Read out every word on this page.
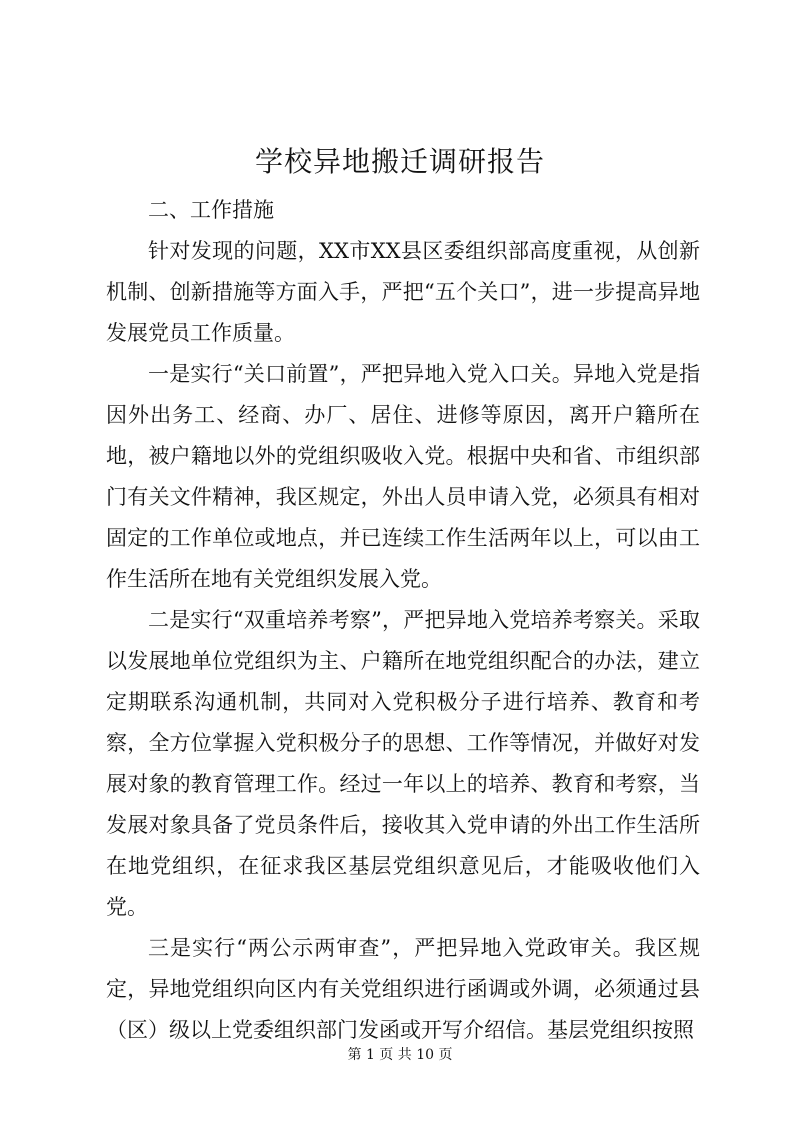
学校异地搬迁调研报告

二、工作措施

针对发现的问题，XX市XX县区委组织部高度重视，从创新机制、创新措施等方面入手，严把“五个关口”，进一步提高异地发展党员工作质量。

一是实行“关口前置”，严把异地入党入口关。异地入党是指因外出务工、经商、办厂、居住、进修等原因，离开户籍所在地，被户籍地以外的党组织吸收入党。根据中央和省、市组织部门有关文件精神，我区规定，外出人员申请入党，必须具有相对固定的工作单位或地点，并已连续工作生活两年以上，可以由工作生活所在地有关党组织发展入党。

二是实行“双重培养考察”，严把异地入党培养考察关。采取以发展地单位党组织为主、户籍所在地党组织配合的办法，建立定期联系沟通机制，共同对入党积极分子进行培养、教育和考察，全方位掌握入党积极分子的思想、工作等情况，并做好对发展对象的教育管理工作。经过一年以上的培养、教育和考察，当发展对象具备了党员条件后，接收其入党申请的外出工作生活所在地党组织，在征求我区基层党组织意见后，才能吸收他们入党。

三是实行“两公示两审查”，严把异地入党政审关。我区规定，异地党组织向区内有关党组织进行函调或外调，必须通过县（区）级以上党委组织部门发函或开写介绍信。基层党组织按照

第 1 页 共 10 页
